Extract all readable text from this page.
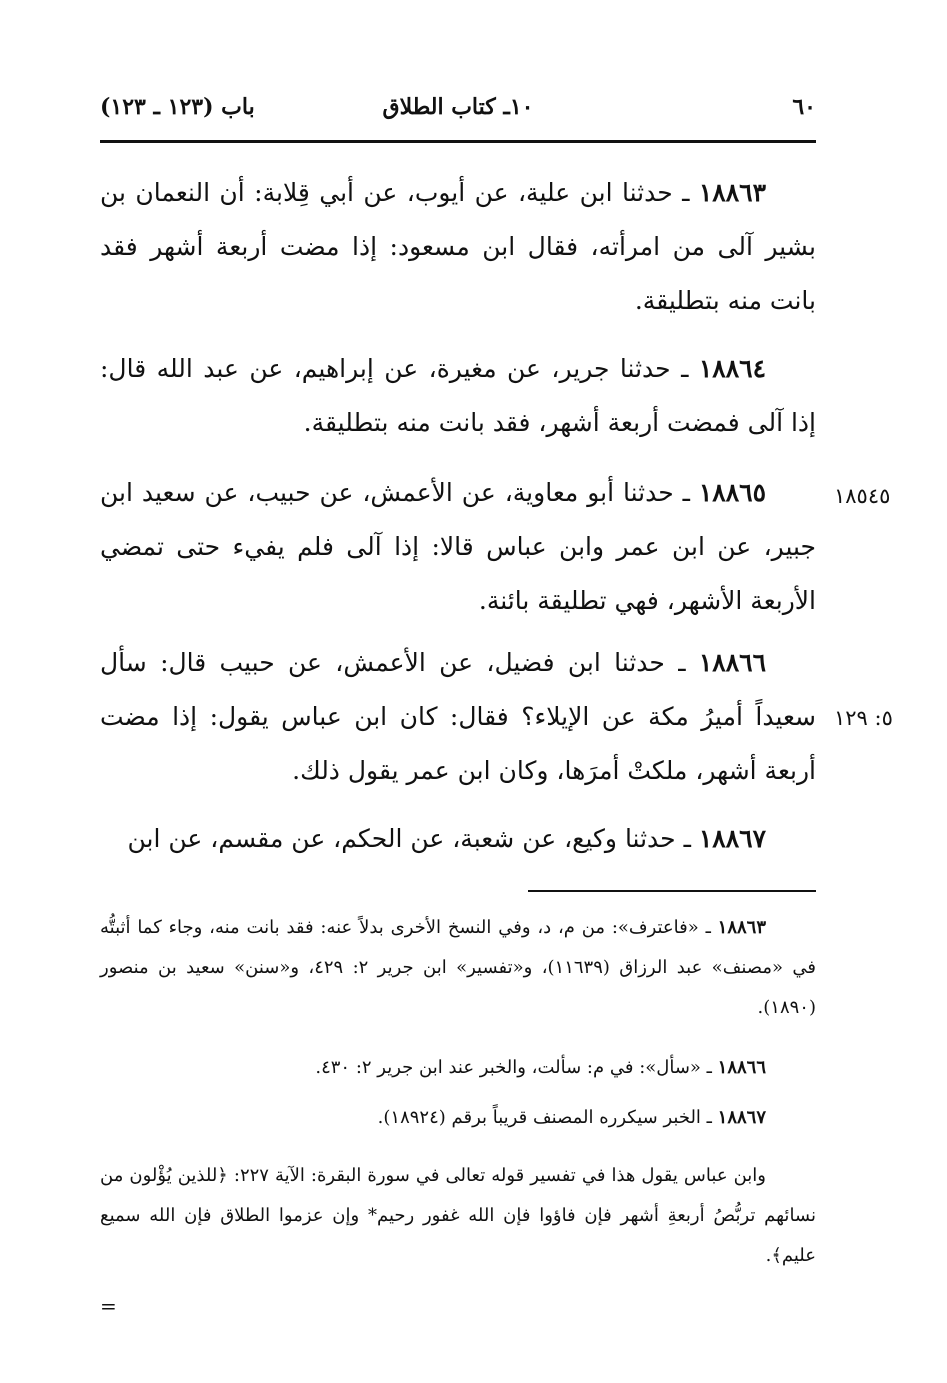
٦٠
١٠ـ كتاب الطلاق
باب (١٢٣ ـ ١٢٣)

١٨٨٦٣ ـ حدثنا ابن علية، عن أيوب، عن أبي قِلابة: أن النعمان بن بشير آلى من امرأته، فقال ابن مسعود: إذا مضت أربعة أشهر فقد بانت منه بتطليقة.

١٨٨٦٤ ـ حدثنا جرير، عن مغيرة، عن إبراهيم، عن عبد الله قال: إذا آلى فمضت أربعة أشهر، فقد بانت منه بتطليقة.

١٨٥٤٥

١٨٨٦٥ ـ حدثنا أبو معاوية، عن الأعمش، عن حبيب، عن سعيد ابن جبير، عن ابن عمر وابن عباس قالا: إذا آلى فلم يفيء حتى تمضي الأربعة الأشهر، فهي تطليقة بائنة.

٥: ١٢٩

١٨٨٦٦ ـ حدثنا ابن فضيل، عن الأعمش، عن حبيب قال: سأل سعيداً أميرُ مكة عن الإيلاء؟ فقال: كان ابن عباس يقول: إذا مضت أربعة أشهر، ملكتْ أمرَها، وكان ابن عمر يقول ذلك.

١٨٨٦٧ ـ حدثنا وكيع، عن شعبة، عن الحكم، عن مقسم، عن ابن

١٨٨٦٣ ـ «فاعترف»: من م، د، وفي النسخ الأخرى بدلاً عنه: فقد بانت منه، وجاء كما أثبتُّه في «مصنف» عبد الرزاق (١١٦٣٩)، و«تفسير» ابن جرير ٢: ٤٢٩، و«سنن» سعيد بن منصور (١٨٩٠).

١٨٨٦٦ ـ «سأل»: في م: سألت، والخبر عند ابن جرير ٢: ٤٣٠.

١٨٨٦٧ ـ الخبر سيكرره المصنف قريباً برقم (١٨٩٢٤).

وابن عباس يقول هذا في تفسير قوله تعالى في سورة البقرة: الآية ٢٢٧: ﴿للذين يُؤْلون من نسائهم تربُّصُ أربعةِ أشهر فإن فاؤوا فإن الله غفور رحيم* وإن عزموا الطلاق فإن الله سميع عليم﴾.

=
